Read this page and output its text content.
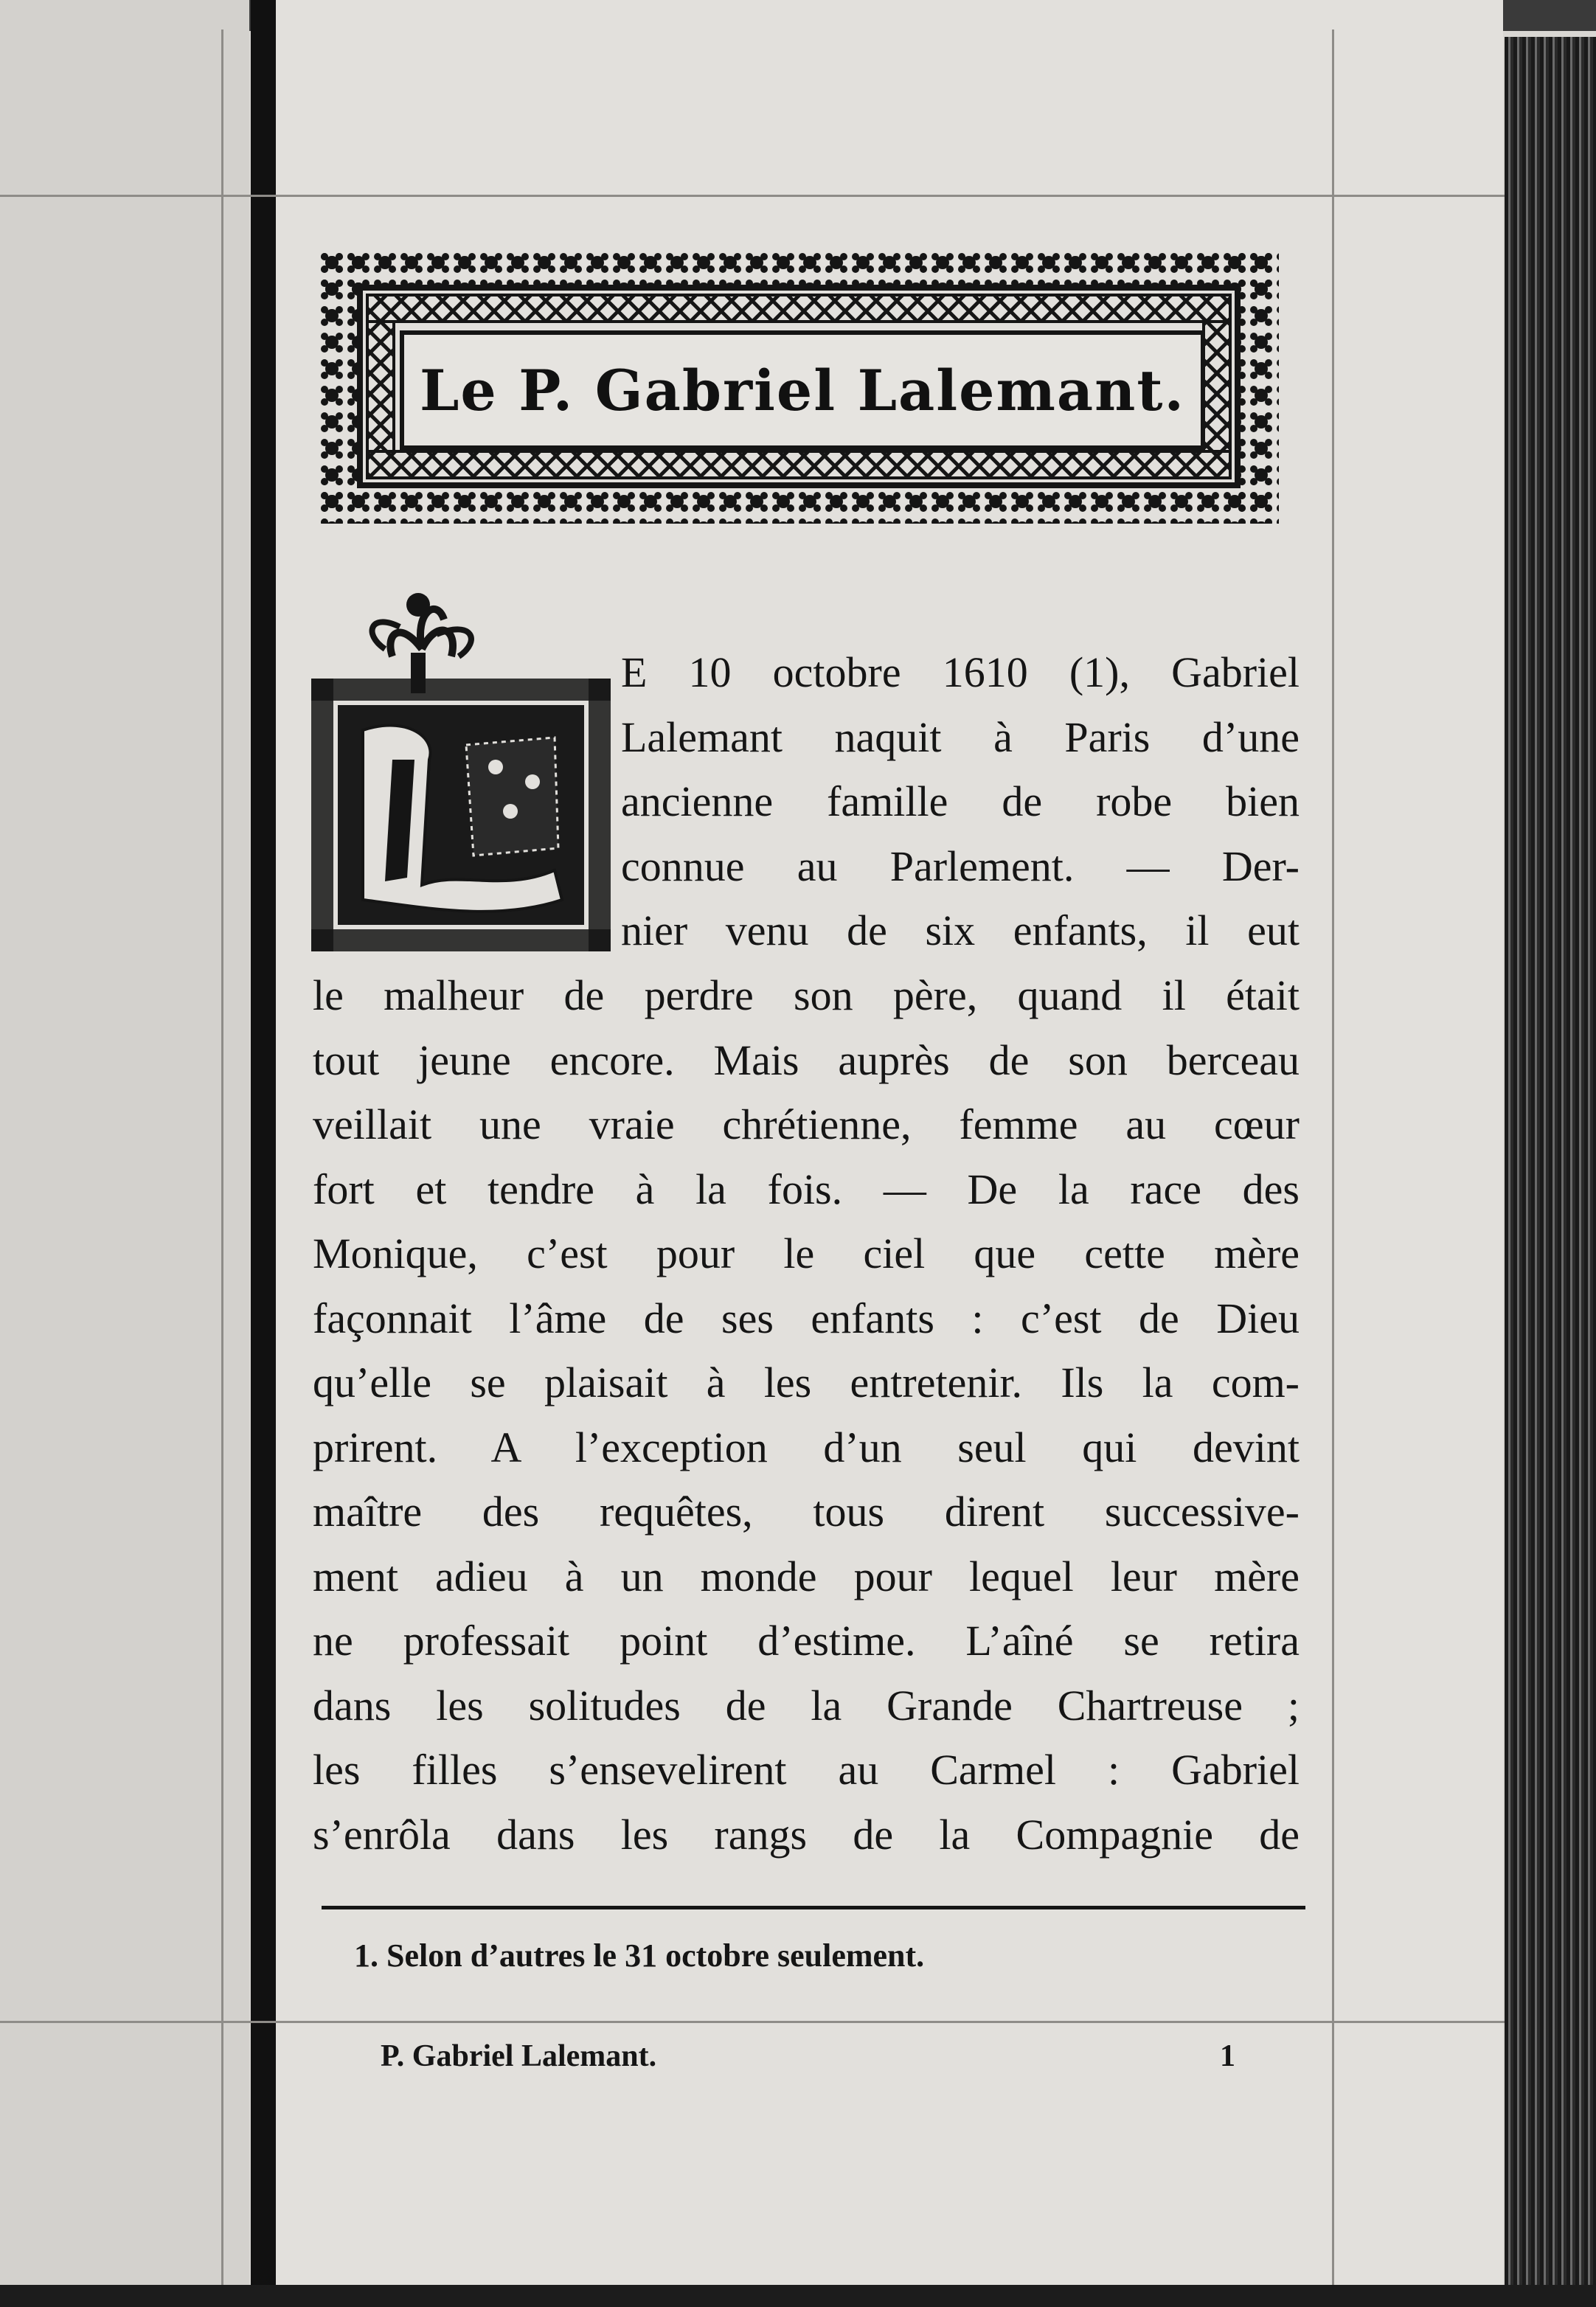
Le P. Gabriel Lalemant.
E 10 octobre 1610 (1), Gabriel
Lalemant naquit à Paris d’une
ancienne famille de robe bien
connue au Parlement. — Der-
nier venu de six enfants, il eut
le malheur de perdre son père, quand il était
tout jeune encore. Mais auprès de son berceau
veillait une vraie chrétienne, femme au cœur
fort et tendre à la fois. — De la race des
Monique, c’est pour le ciel que cette mère
façonnait l’âme de ses enfants : c’est de Dieu
qu’elle se plaisait à les entretenir. Ils la com-
prirent. A l’exception d’un seul qui devint
maître des requêtes, tous dirent successive-
ment adieu à un monde pour lequel leur mère
ne professait point d’estime. L’aîné se retira
dans les solitudes de la Grande Chartreuse ;
les filles s’ensevelirent au Carmel : Gabriel
s’enrôla dans les rangs de la Compagnie de
1. Selon d’autres le 31 octobre seulement.
P. Gabriel Lalemant.	1
